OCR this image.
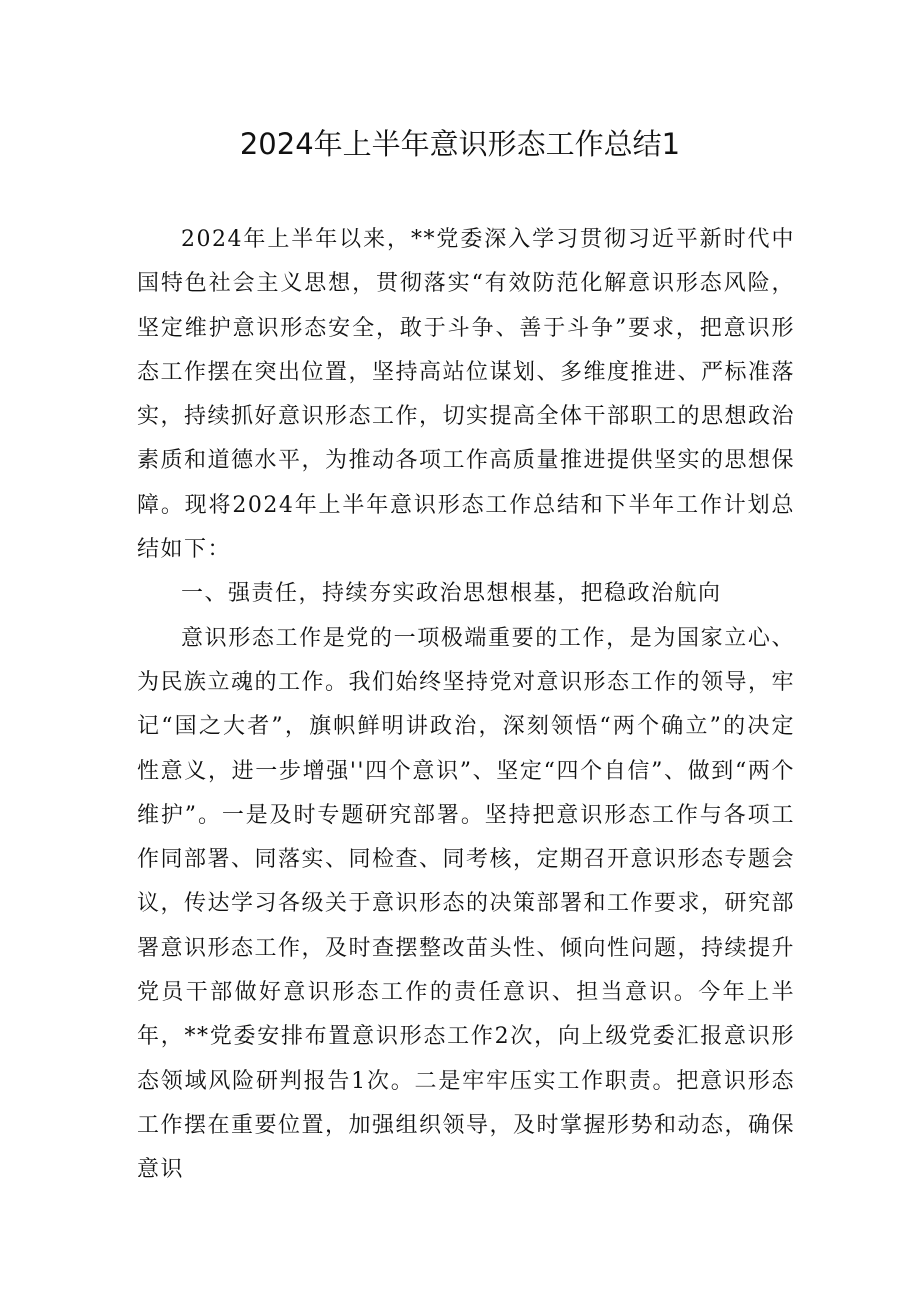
2024年上半年意识形态工作总结1

2024年上半年以来，**党委深入学习贯彻习近平新时代中国特色社会主义思想，贯彻落实“有效防范化解意识形态风险，坚定维护意识形态安全，敢于斗争、善于斗争”要求，把意识形态工作摆在突出位置，坚持高站位谋划、多维度推进、严标准落实，持续抓好意识形态工作，切实提高全体干部职工的思想政治素质和道德水平，为推动各项工作高质量推进提供坚实的思想保障。现将2024年上半年意识形态工作总结和下半年工作计划总结如下：

一、强责任，持续夯实政治思想根基，把稳政治航向

意识形态工作是党的一项极端重要的工作，是为国家立心、为民族立魂的工作。我们始终坚持党对意识形态工作的领导，牢记“国之大者”，旗帜鲜明讲政治，深刻领悟“两个确立”的决定性意义，进一步增强''四个意识”、坚定“四个自信”、做到“两个维护”。一是及时专题研究部署。坚持把意识形态工作与各项工作同部署、同落实、同检查、同考核，定期召开意识形态专题会议，传达学习各级关于意识形态的决策部署和工作要求，研究部署意识形态工作，及时查摆整改苗头性、倾向性问题，持续提升党员干部做好意识形态工作的责任意识、担当意识。今年上半年，**党委安排布置意识形态工作2次，向上级党委汇报意识形态领域风险研判报告1次。二是牢牢压实工作职责。把意识形态工作摆在重要位置，加强组织领导，及时掌握形势和动态，确保意识
